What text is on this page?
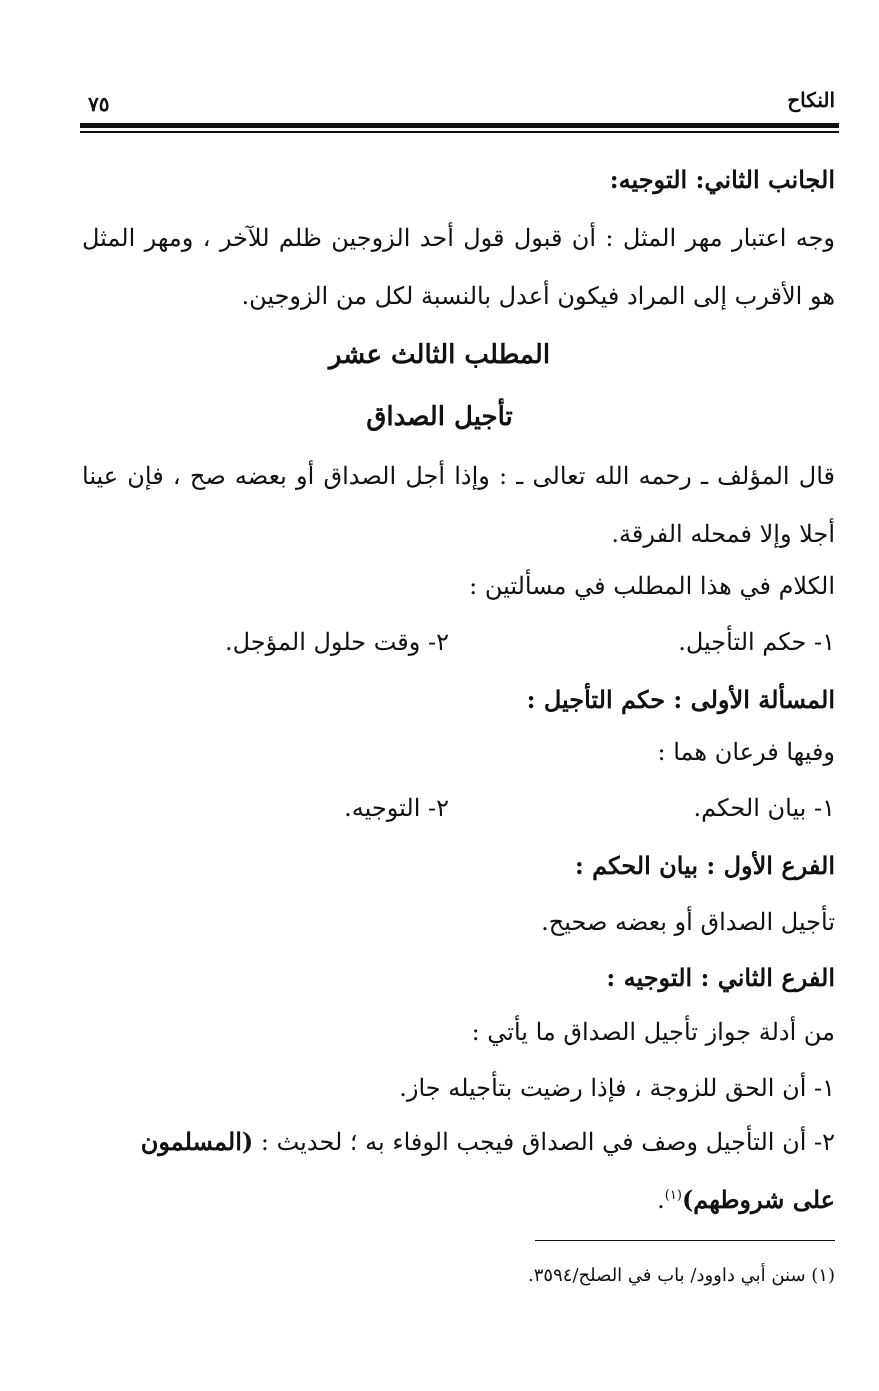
النكاح
٧٥
الجانب الثاني: التوجيه:
وجه اعتبار مهر المثل : أن قبول قول أحد الزوجين ظلم للآخر ، ومهر المثل
هو الأقرب إلى المراد فيكون أعدل بالنسبة لكل من الزوجين.
المطلب الثالث عشر
تأجيل الصداق
قال المؤلف ـ رحمه الله تعالى ـ : وإذا أجل الصداق أو بعضه صح ، فإن عينا
أجلا وإلا فمحله الفرقة.
الكلام في هذا المطلب في مسألتين :
١- حكم التأجيل.
٢- وقت حلول المؤجل.
المسألة الأولى : حكم التأجيل :
وفيها فرعان هما :
١- بيان الحكم.
٢- التوجيه.
الفرع الأول : بيان الحكم :
تأجيل الصداق أو بعضه صحيح.
الفرع الثاني : التوجيه :
من أدلة جواز تأجيل الصداق ما يأتي :
١- أن الحق للزوجة ، فإذا رضيت بتأجيله جاز.
٢- أن التأجيل وصف في الصداق فيجب الوفاء به ؛ لحديث : (المسلمون
على شروطهم)$^{(١)}$.
(١) سنن أبي داوود/ باب في الصلح/٣٥٩٤.
